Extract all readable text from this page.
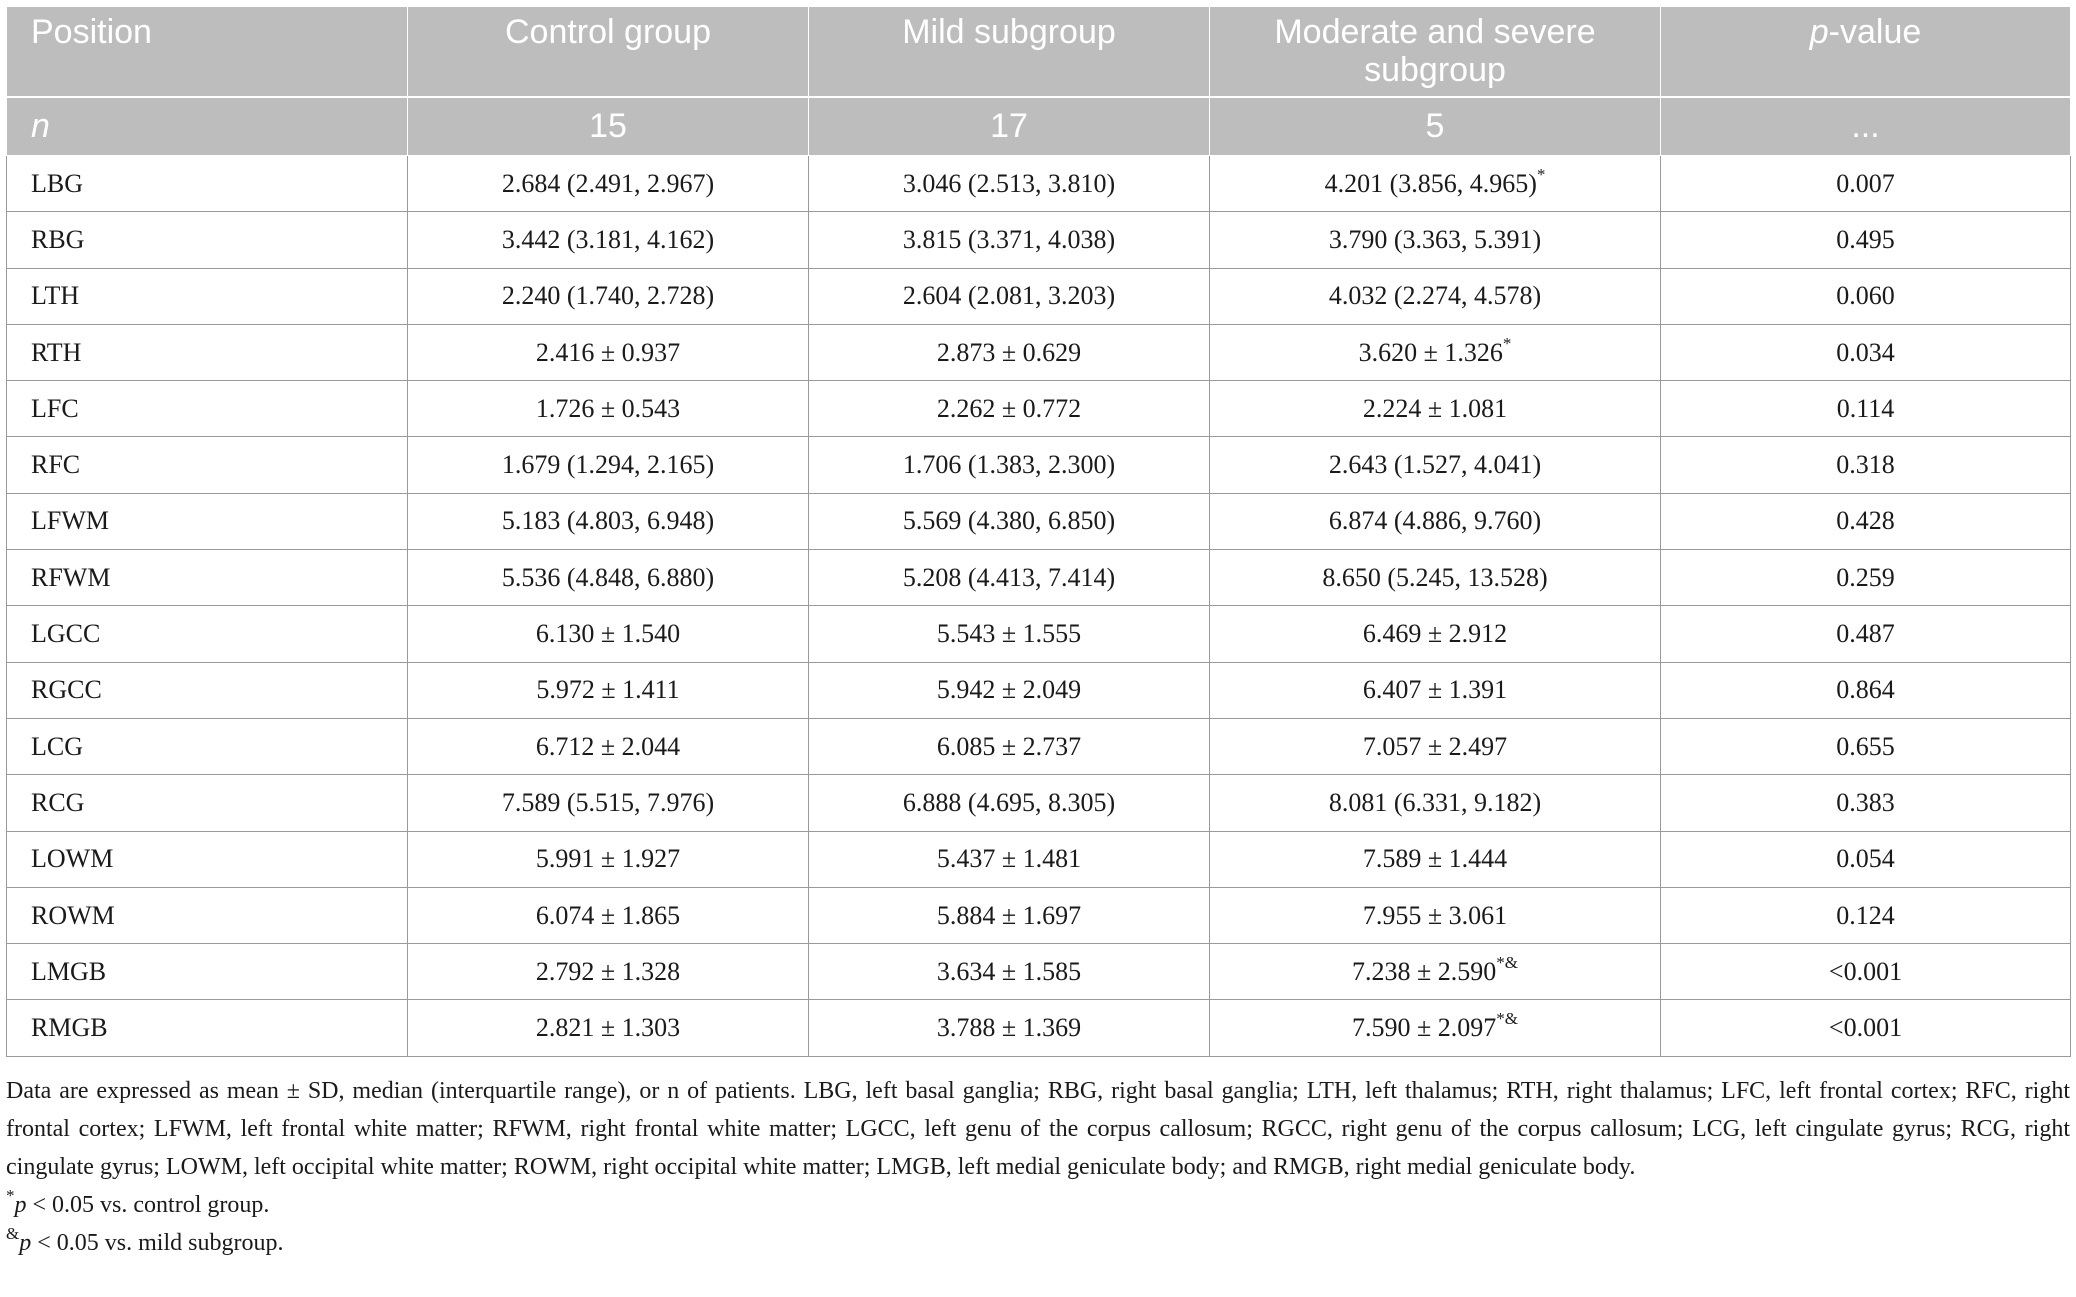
Position	Control group	Mild subgroup	Moderate and severe subgroup	p-value
n	15	17	5	...
LBG	2.684 (2.491, 2.967)	3.046 (2.513, 3.810)	4.201 (3.856, 4.965)*	0.007
RBG	3.442 (3.181, 4.162)	3.815 (3.371, 4.038)	3.790 (3.363, 5.391)	0.495
LTH	2.240 (1.740, 2.728)	2.604 (2.081, 3.203)	4.032 (2.274, 4.578)	0.060
RTH	2.416 ± 0.937	2.873 ± 0.629	3.620 ± 1.326*	0.034
LFC	1.726 ± 0.543	2.262 ± 0.772	2.224 ± 1.081	0.114
RFC	1.679 (1.294, 2.165)	1.706 (1.383, 2.300)	2.643 (1.527, 4.041)	0.318
LFWM	5.183 (4.803, 6.948)	5.569 (4.380, 6.850)	6.874 (4.886, 9.760)	0.428
RFWM	5.536 (4.848, 6.880)	5.208 (4.413, 7.414)	8.650 (5.245, 13.528)	0.259
LGCC	6.130 ± 1.540	5.543 ± 1.555	6.469 ± 2.912	0.487
RGCC	5.972 ± 1.411	5.942 ± 2.049	6.407 ± 1.391	0.864
LCG	6.712 ± 2.044	6.085 ± 2.737	7.057 ± 2.497	0.655
RCG	7.589 (5.515, 7.976)	6.888 (4.695, 8.305)	8.081 (6.331, 9.182)	0.383
LOWM	5.991 ± 1.927	5.437 ± 1.481	7.589 ± 1.444	0.054
ROWM	6.074 ± 1.865	5.884 ± 1.697	7.955 ± 3.061	0.124
LMGB	2.792 ± 1.328	3.634 ± 1.585	7.238 ± 2.590*&	<0.001
RMGB	2.821 ± 1.303	3.788 ± 1.369	7.590 ± 2.097*&	<0.001

Data are expressed as mean ± SD, median (interquartile range), or n of patients. LBG, left basal ganglia; RBG, right basal ganglia; LTH, left thalamus; RTH, right thalamus; LFC, left frontal cortex; RFC, right frontal cortex; LFWM, left frontal white matter; RFWM, right frontal white matter; LGCC, left genu of the corpus callosum; RGCC, right genu of the corpus callosum; LCG, left cingulate gyrus; RCG, right cingulate gyrus; LOWM, left occipital white matter; ROWM, right occipital white matter; LMGB, left medial geniculate body; and RMGB, right medial geniculate body.

*p < 0.05 vs. control group.

&p < 0.05 vs. mild subgroup.
